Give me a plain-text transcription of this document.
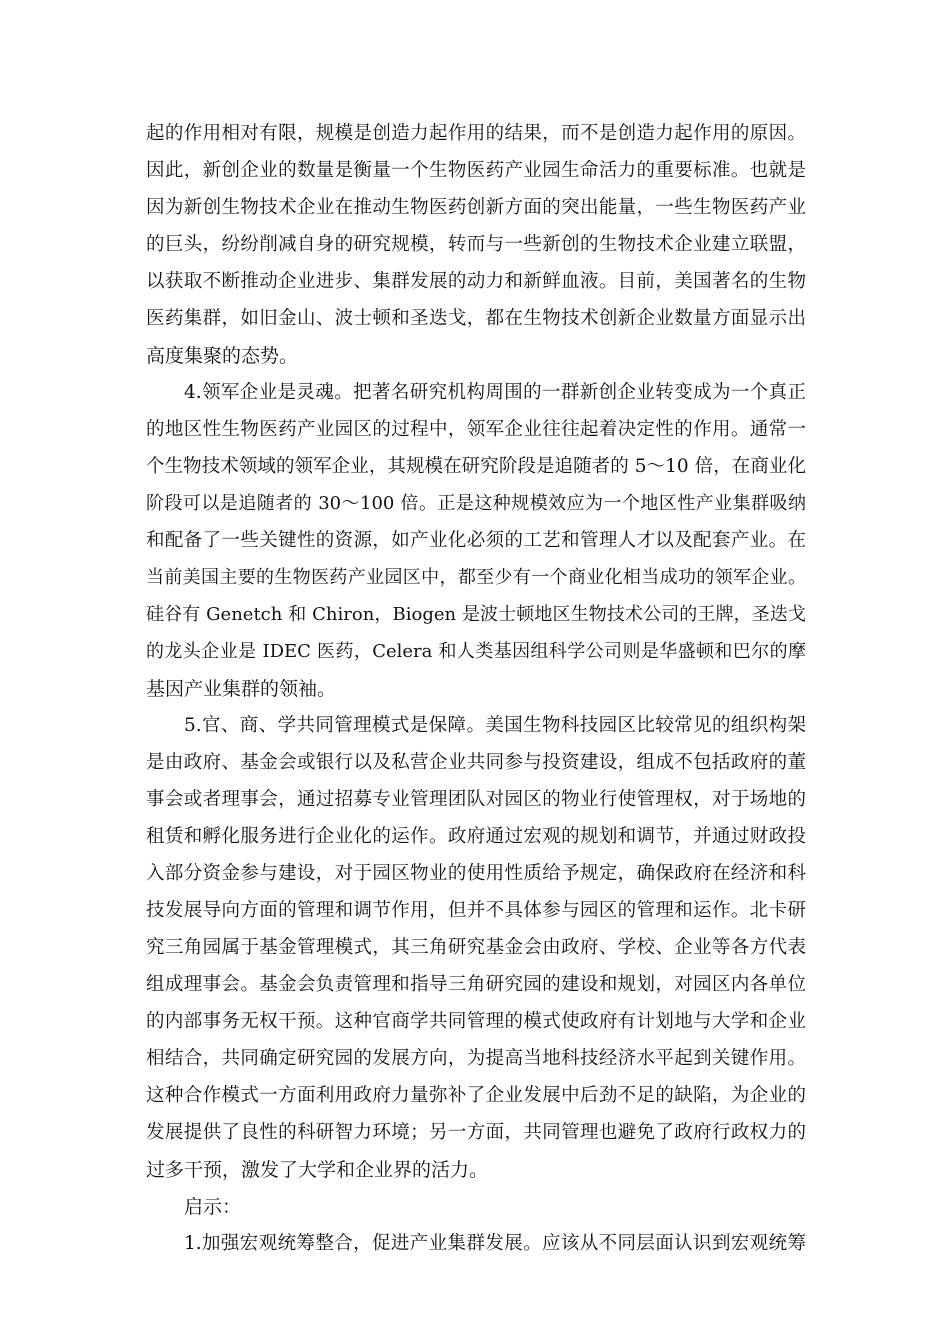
起的作用相对有限，规模是创造力起作用的结果，而不是创造力起作用的原因。
因此，新创企业的数量是衡量一个生物医药产业园生命活力的重要标准。也就是
因为新创生物技术企业在推动生物医药创新方面的突出能量，一些生物医药产业
的巨头，纷纷削减自身的研究规模，转而与一些新创的生物技术企业建立联盟，
以获取不断推动企业进步、集群发展的动力和新鲜血液。目前，美国著名的生物
医药集群，如旧金山、波士顿和圣迭戈，都在生物技术创新企业数量方面显示出
高度集聚的态势。
4.领军企业是灵魂。把著名研究机构周围的一群新创企业转变成为一个真正
的地区性生物医药产业园区的过程中，领军企业往往起着决定性的作用。通常一
个生物技术领域的领军企业，其规模在研究阶段是追随者的 5～10 倍，在商业化
阶段可以是追随者的 30～100 倍。正是这种规模效应为一个地区性产业集群吸纳
和配备了一些关键性的资源，如产业化必须的工艺和管理人才以及配套产业。在
当前美国主要的生物医药产业园区中，都至少有一个商业化相当成功的领军企业。
硅谷有 Genetch 和 Chiron，Biogen 是波士顿地区生物技术公司的王牌，圣迭戈
的龙头企业是 IDEC 医药，Celera 和人类基因组科学公司则是华盛顿和巴尔的摩
基因产业集群的领袖。
5.官、商、学共同管理模式是保障。美国生物科技园区比较常见的组织构架
是由政府、基金会或银行以及私营企业共同参与投资建设，组成不包括政府的董
事会或者理事会，通过招募专业管理团队对园区的物业行使管理权，对于场地的
租赁和孵化服务进行企业化的运作。政府通过宏观的规划和调节，并通过财政投
入部分资金参与建设，对于园区物业的使用性质给予规定，确保政府在经济和科
技发展导向方面的管理和调节作用，但并不具体参与园区的管理和运作。北卡研
究三角园属于基金管理模式，其三角研究基金会由政府、学校、企业等各方代表
组成理事会。基金会负责管理和指导三角研究园的建设和规划，对园区内各单位
的内部事务无权干预。这种官商学共同管理的模式使政府有计划地与大学和企业
相结合，共同确定研究园的发展方向，为提高当地科技经济水平起到关键作用。
这种合作模式一方面利用政府力量弥补了企业发展中后劲不足的缺陷，为企业的
发展提供了良性的科研智力环境；另一方面，共同管理也避免了政府行政权力的
过多干预，激发了大学和企业界的活力。
启示：
1.加强宏观统筹整合，促进产业集群发展。应该从不同层面认识到宏观统筹
